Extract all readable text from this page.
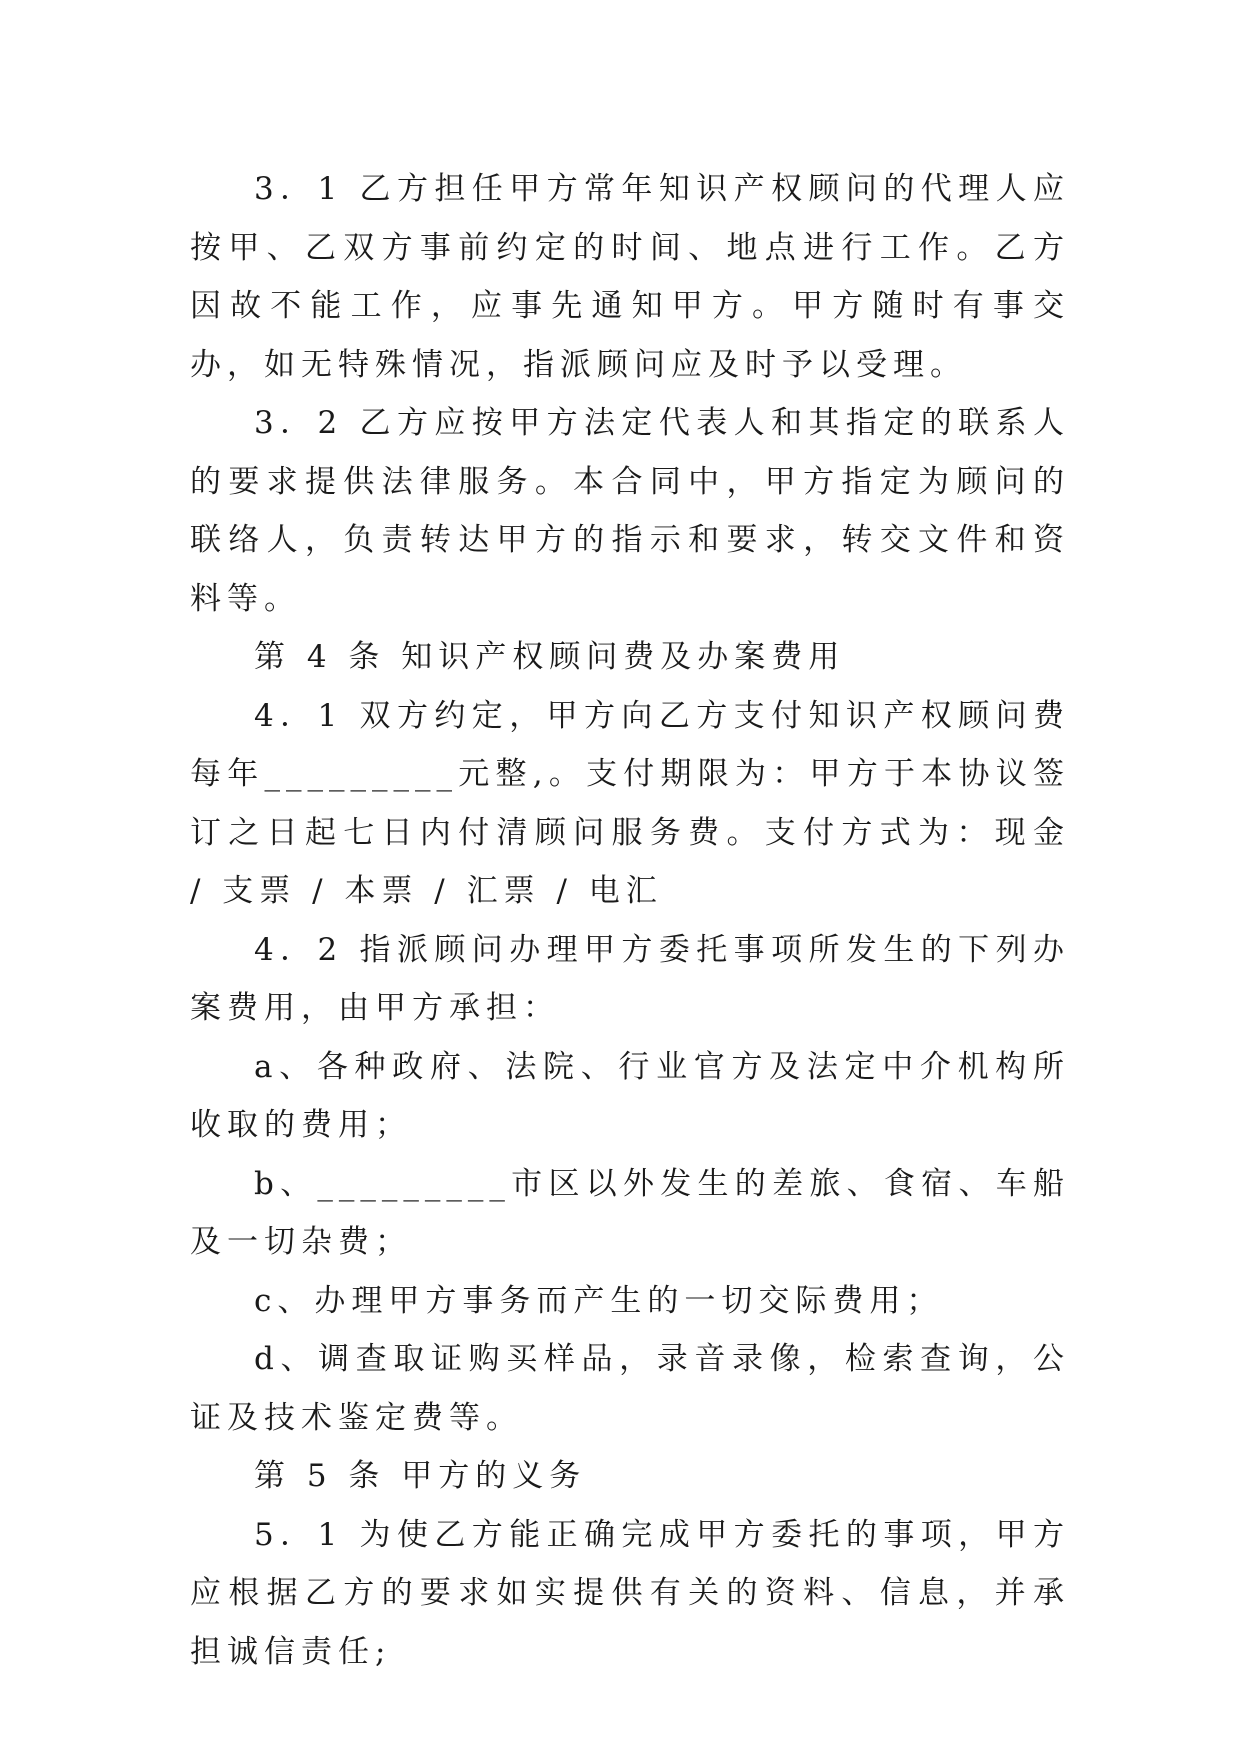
3．1 乙方担任甲方常年知识产权顾问的代理人应按甲、乙双方事前约定的时间、地点进行工作。乙方因故不能工作，应事先通知甲方。甲方随时有事交办，如无特殊情况，指派顾问应及时予以受理。

3．2 乙方应按甲方法定代表人和其指定的联系人的要求提供法律服务。本合同中，甲方指定为顾问的联络人，负责转达甲方的指示和要求，转交文件和资料等。

第 4 条 知识产权顾问费及办案费用

4．1 双方约定，甲方向乙方支付知识产权顾问费每年_________元整,。支付期限为：甲方于本协议签订之日起七日内付清顾问服务费。支付方式为：现金 / 支票 / 本票 / 汇票 / 电汇

4．2 指派顾问办理甲方委托事项所发生的下列办案费用，由甲方承担：

a、各种政府、法院、行业官方及法定中介机构所收取的费用；

b、_________市区以外发生的差旅、食宿、车船及一切杂费；

c、办理甲方事务而产生的一切交际费用；

d、调查取证购买样品，录音录像，检索查询，公证及技术鉴定费等。

第 5 条 甲方的义务

5．1 为使乙方能正确完成甲方委托的事项，甲方应根据乙方的要求如实提供有关的资料、信息，并承担诚信责任;
